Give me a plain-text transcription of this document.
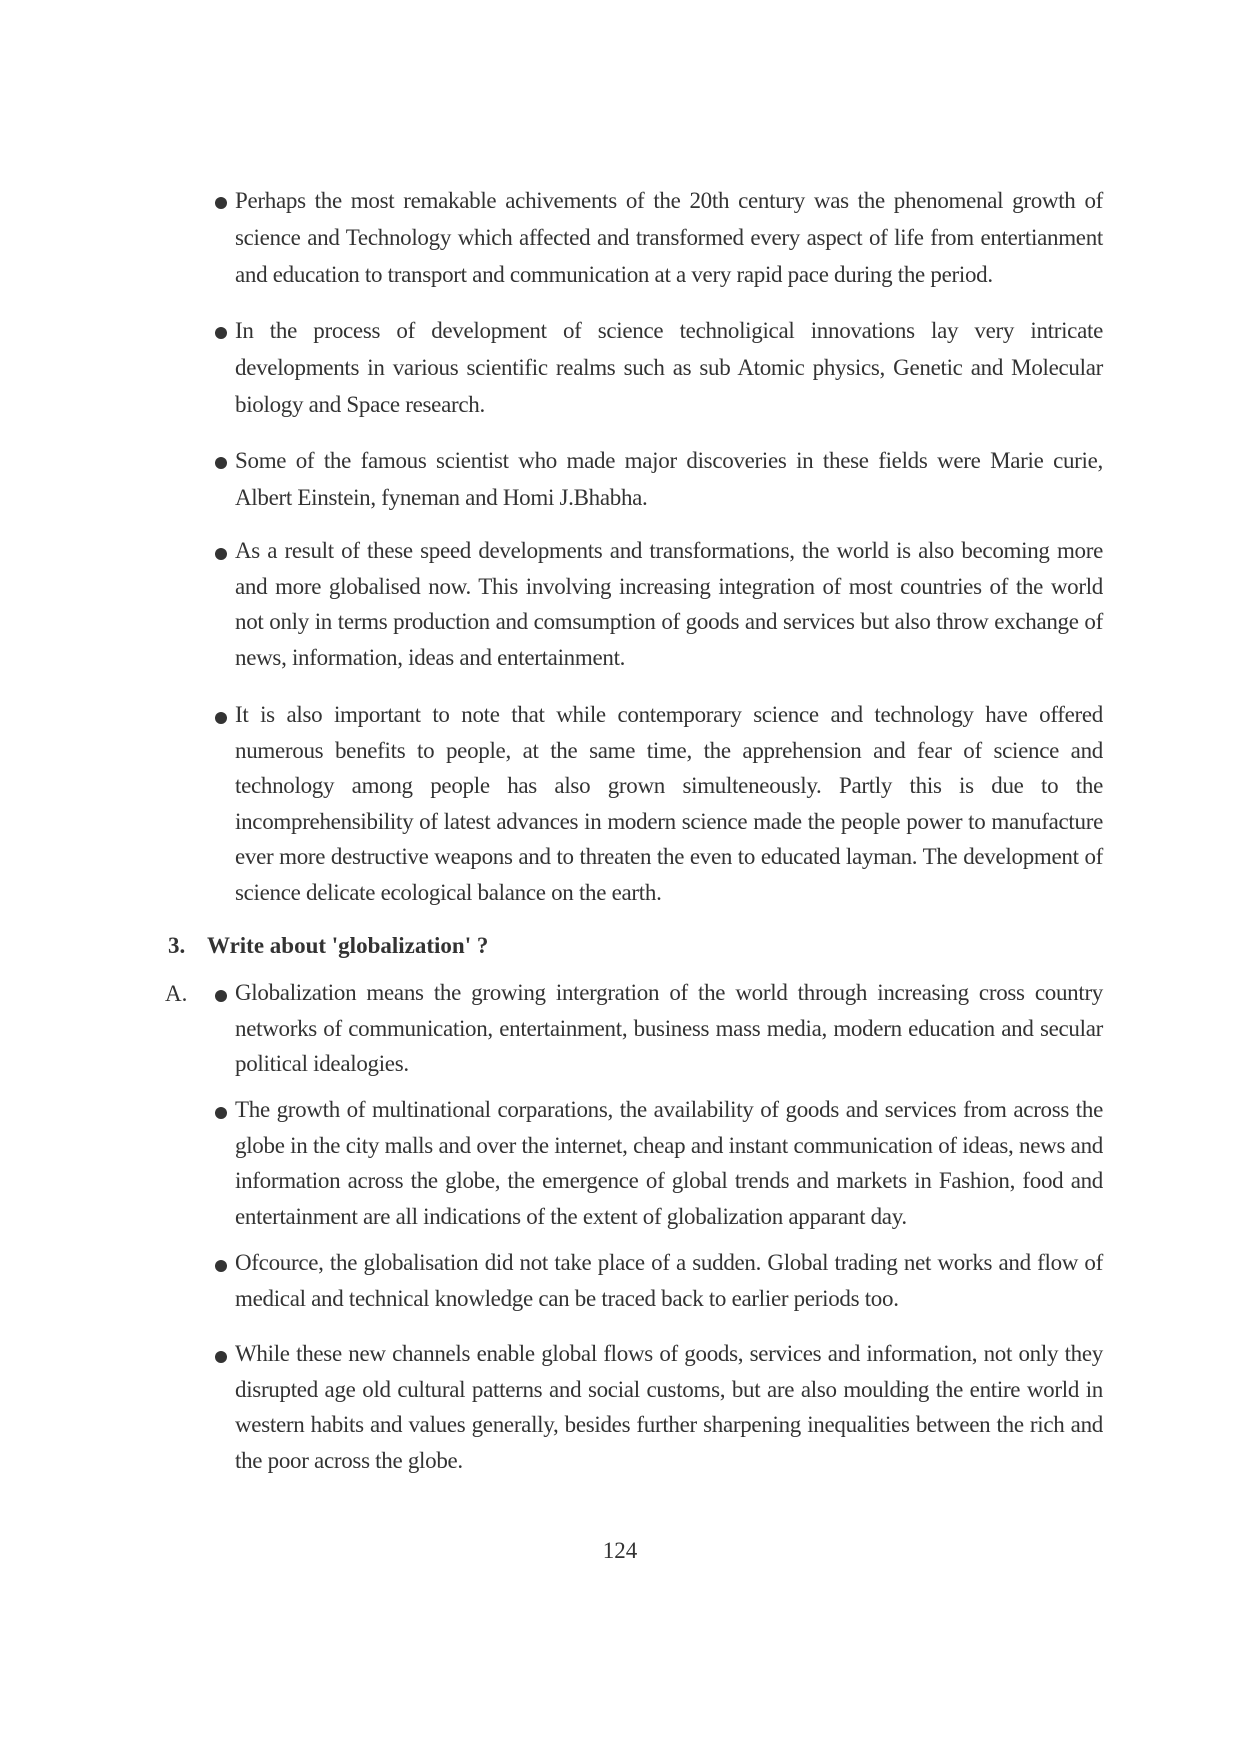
Perhaps the most remakable achivements of the 20th century was the phenomenal growth of science and Technology which affected and transformed every aspect of life from entertianment and education to transport and communication at a very rapid pace during the period.
In the process of development of science technoligical innovations lay very intricate developments in various scientific realms such as sub Atomic physics, Genetic and Molecular biology and Space research.
Some of the famous scientist who made major discoveries in these fields were Marie curie, Albert Einstein, fyneman and Homi J.Bhabha.
As a result of these speed developments and transformations, the world is also becoming more and more globalised now. This involving increasing integration of most countries of the world not only in terms production and comsumption of goods and services but also throw exchange of news, information, ideas and entertainment.
It is also important to note that while contemporary science and technology have offered numerous benefits to people, at the same time, the apprehension and fear of science and technology among people has also grown simulteneously. Partly this is due to the incomprehensibility of latest advances in modern science made the people power to manufacture ever more destructive weapons and to threaten the even to educated layman. The development of science delicate ecological balance on the earth.
3. Write about 'globalization' ?
A.	Globalization means the growing intergration of the world through increasing cross country networks of communication, entertainment, business mass media, modern education and secular political idealogies.
The growth of multinational corparations, the availability of goods and services from across the globe in the city malls and over the internet, cheap and instant communication of ideas, news and information across the globe, the emergence of global trends and markets in Fashion, food and entertainment are all indications of the extent of globalization apparant day.
Ofcource, the globalisation did not take place of a sudden. Global trading net works and flow of medical and technical knowledge can be traced back to earlier periods too.
While these new channels enable global flows of goods, services and information, not only they disrupted age old cultural patterns and social customs, but are also moulding the entire world in western habits and values generally, besides further sharpening inequalities between the rich and the poor across the globe.
124
